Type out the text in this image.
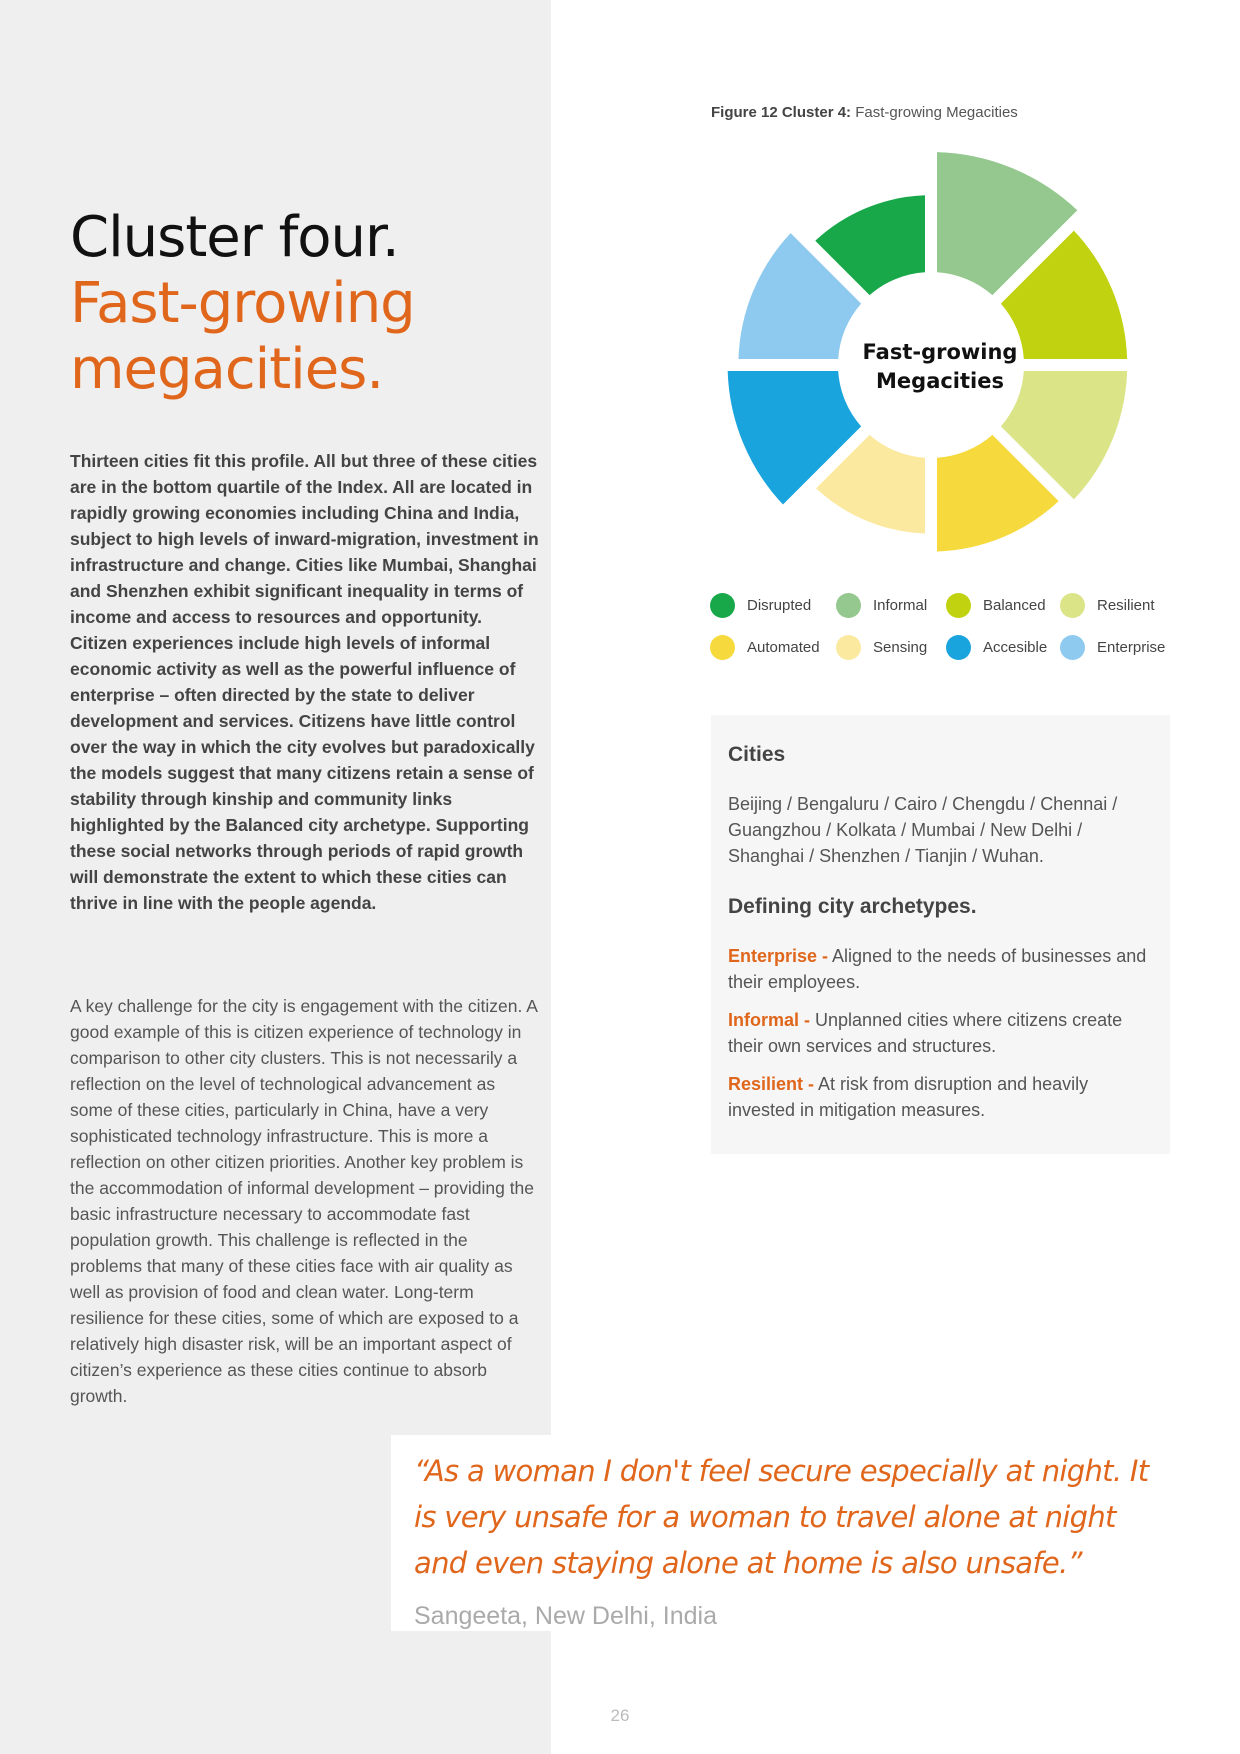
Cluster four.
Fast-growing
megacities.

Thirteen cities fit this profile. All but three of these cities are in the bottom quartile of the Index. All are located in rapidly growing economies including China and India, subject to high levels of inward-migration, investment in infrastructure and change. Cities like Mumbai, Shanghai and Shenzhen exhibit significant inequality in terms of income and access to resources and opportunity. Citizen experiences include high levels of informal economic activity as well as the powerful influence of enterprise – often directed by the state to deliver development and services. Citizens have little control over the way in which the city evolves but paradoxically the models suggest that many citizens retain a sense of stability through kinship and community links highlighted by the Balanced city archetype. Supporting these social networks through periods of rapid growth will demonstrate the extent to which these cities can thrive in line with the people agenda.

A key challenge for the city is engagement with the citizen. A good example of this is citizen experience of technology in comparison to other city clusters. This is not necessarily a reflection on the level of technological advancement as some of these cities, particularly in China, have a very sophisticated technology infrastructure. This is more a reflection on other citizen priorities. Another key problem is the accommodation of informal development – providing the basic infrastructure necessary to accommodate fast population growth. This challenge is reflected in the problems that many of these cities face with air quality as well as provision of food and clean water. Long-term resilience for these cities, some of which are exposed to a relatively high disaster risk, will be an important aspect of citizen’s experience as these cities continue to absorb growth.

Figure 12 Cluster 4: Fast-growing Megacities

Fast-growing
Megacities
Disrupted	Informal	Balanced	Resilient
Automated	Sensing	Accesible	Enterprise
Cities

Beijing / Bengaluru / Cairo / Chengdu / Chennai / Guangzhou / Kolkata / Mumbai / New Delhi / Shanghai / Shenzhen / Tianjin / Wuhan.

Defining city archetypes.

Enterprise - Aligned to the needs of businesses and their employees.

Informal - Unplanned cities where citizens create their own services and structures.

Resilient - At risk from disruption and heavily invested in mitigation measures.

“As a woman I don't feel secure especially at night. It is very unsafe for a woman to travel alone at night and even staying alone at home is also unsafe.”

Sangeeta, New Delhi, India

26
